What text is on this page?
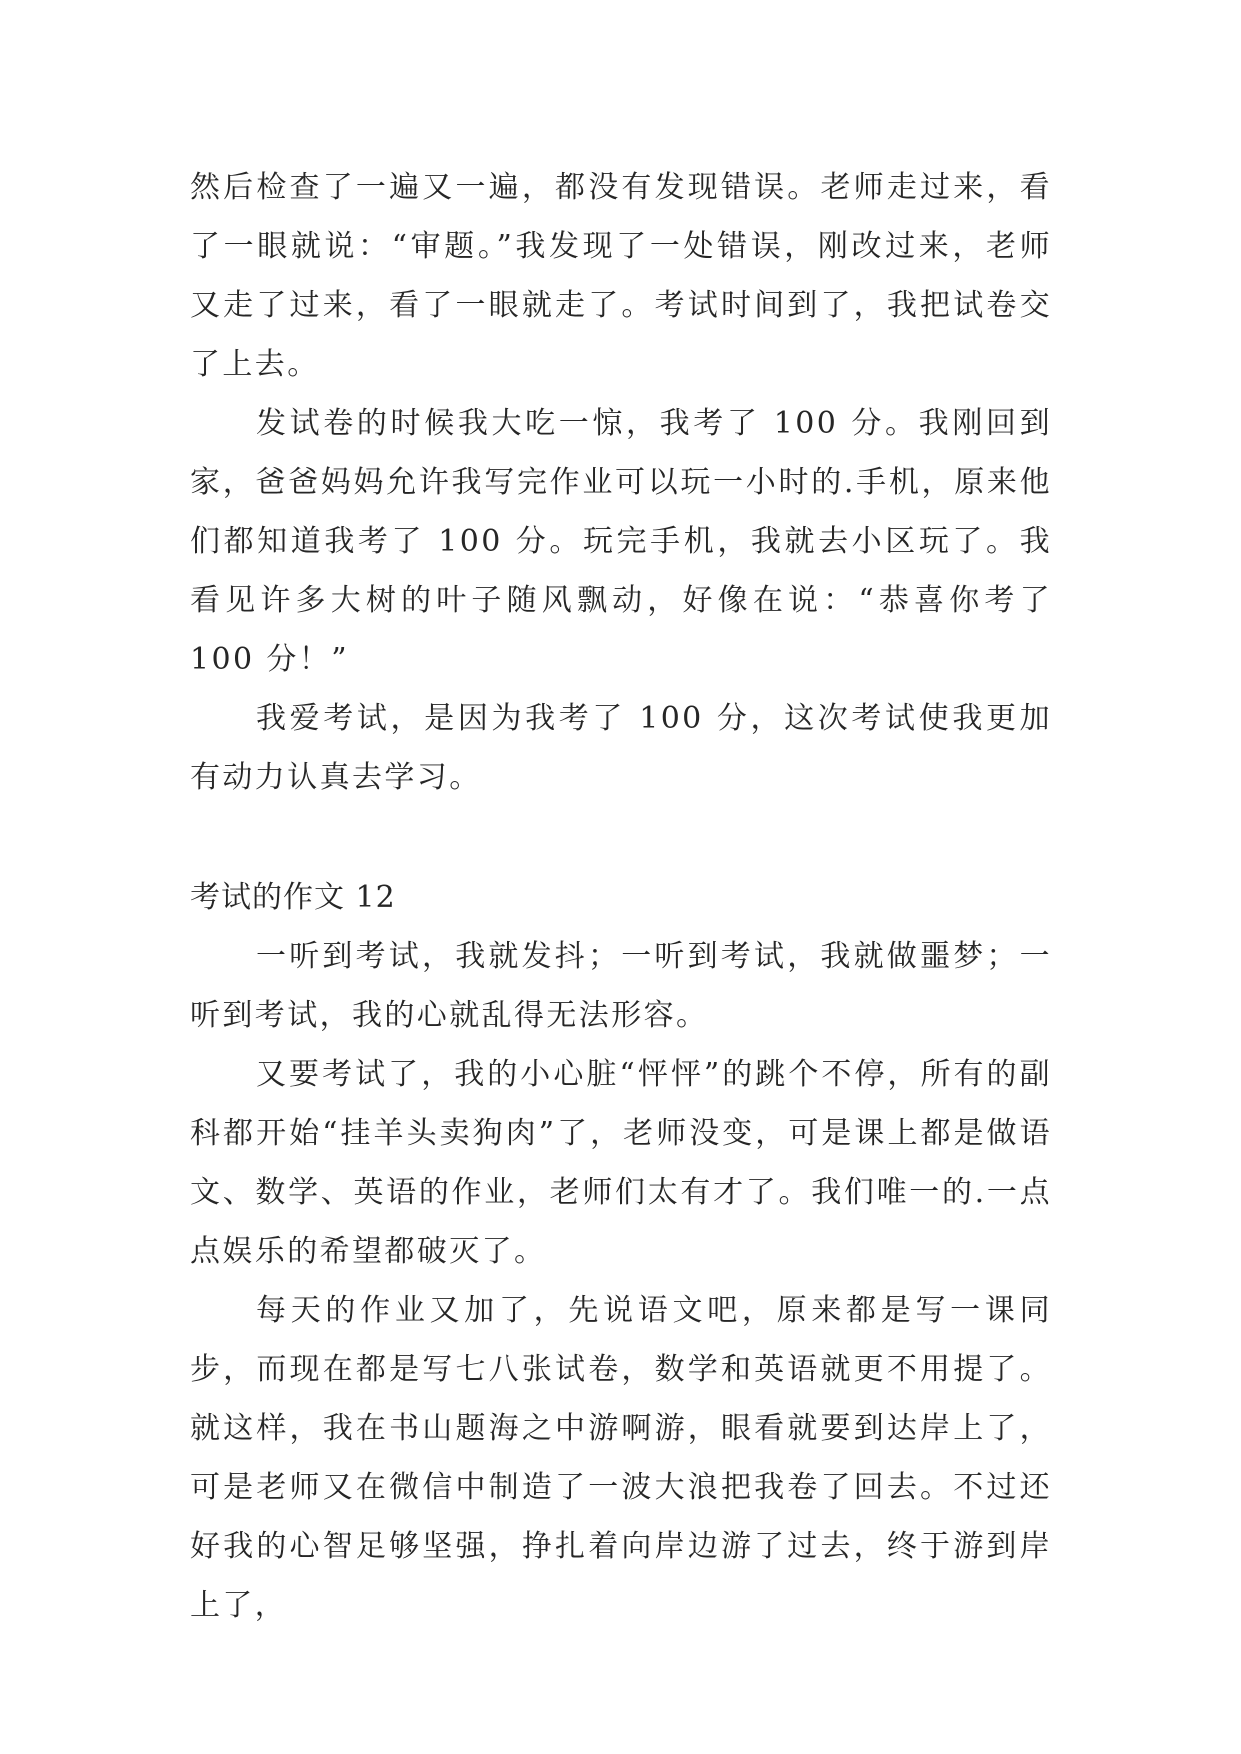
然后检查了一遍又一遍，都没有发现错误。老师走过来，看了一眼就说：“审题。”我发现了一处错误，刚改过来，老师又走了过来，看了一眼就走了。考试时间到了，我把试卷交了上去。

发试卷的时候我大吃一惊，我考了 100 分。我刚回到家，爸爸妈妈允许我写完作业可以玩一小时的.手机，原来他们都知道我考了 100 分。玩完手机，我就去小区玩了。我看见许多大树的叶子随风飘动，好像在说：“恭喜你考了 100 分！”

我爱考试，是因为我考了 100 分，这次考试使我更加有动力认真去学习。

考试的作文 12

一听到考试，我就发抖；一听到考试，我就做噩梦；一听到考试，我的心就乱得无法形容。

又要考试了，我的小心脏“怦怦”的跳个不停，所有的副科都开始“挂羊头卖狗肉”了，老师没变，可是课上都是做语文、数学、英语的作业，老师们太有才了。我们唯一的.一点点娱乐的希望都破灭了。

每天的作业又加了，先说语文吧，原来都是写一课同步，而现在都是写七八张试卷，数学和英语就更不用提了。就这样，我在书山题海之中游啊游，眼看就要到达岸上了，可是老师又在微信中制造了一波大浪把我卷了回去。不过还好我的心智足够坚强，挣扎着向岸边游了过去，终于游到岸上了，
